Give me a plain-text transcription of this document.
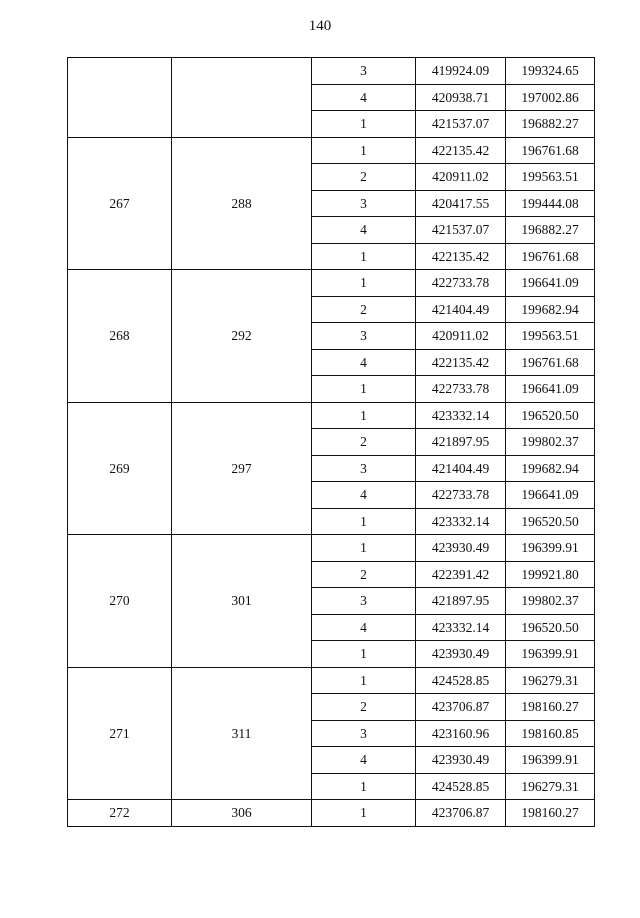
140
		3	419924.09	199324.65
		4	420938.71	197002.86
		1	421537.07	196882.27
267	288	1	422135.42	196761.68
		2	420911.02	199563.51
		3	420417.55	199444.08
		4	421537.07	196882.27
		1	422135.42	196761.68
268	292	1	422733.78	196641.09
		2	421404.49	199682.94
		3	420911.02	199563.51
		4	422135.42	196761.68
		1	422733.78	196641.09
269	297	1	423332.14	196520.50
		2	421897.95	199802.37
		3	421404.49	199682.94
		4	422733.78	196641.09
		1	423332.14	196520.50
270	301	1	423930.49	196399.91
		2	422391.42	199921.80
		3	421897.95	199802.37
		4	423332.14	196520.50
		1	423930.49	196399.91
271	311	1	424528.85	196279.31
		2	423706.87	198160.27
		3	423160.96	198160.85
		4	423930.49	196399.91
		1	424528.85	196279.31
272	306	1	423706.87	198160.27
